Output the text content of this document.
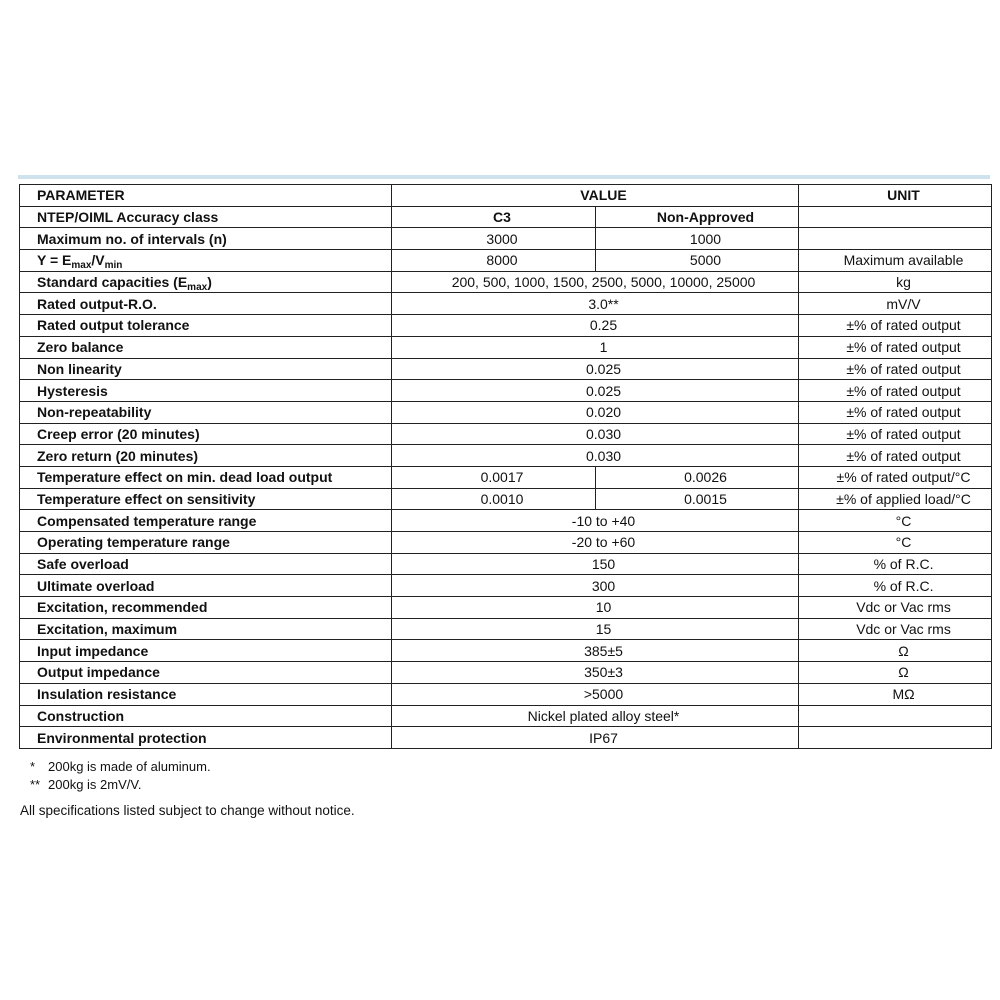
PARAMETER	VALUE		UNIT
NTEP/OIML Accuracy class	C3	Non-Approved	
Maximum no. of intervals (n)	3000	1000	
$Y = E_{max}/V_{min}$	8000	5000	Maximum available
Standard capacities $(E_{max})$	200, 500, 1000, 1500, 2500, 5000, 10000, 25000		kg
Rated output-R.O.	3.0**		mV/V
Rated output tolerance	0.25		±% of rated output
Zero balance	1		±% of rated output
Non linearity	0.025		±% of rated output
Hysteresis	0.025		±% of rated output
Non-repeatability	0.020		±% of rated output
Creep error (20 minutes)	0.030		±% of rated output
Zero return (20 minutes)	0.030		±% of rated output
Temperature effect on min. dead load output	0.0017	0.0026	±% of rated output/°C
Temperature effect on sensitivity	0.0010	0.0015	±% of applied load/°C
Compensated temperature range	-10 to +40		°C
Operating temperature range	-20 to +60		°C
Safe overload	150		% of R.C.
Ultimate overload	300		% of R.C.
Excitation, recommended	10		Vdc or Vac rms
Excitation, maximum	15		Vdc or Vac rms
Input impedance	385±5		Ω
Output impedance	350±3		Ω
Insulation resistance	>5000		MΩ
Construction	Nickel plated alloy steel*		
Environmental protection	IP67		
* 200kg is made of aluminum.
** 200kg is 2mV/V.
All specifications listed subject to change without notice.
